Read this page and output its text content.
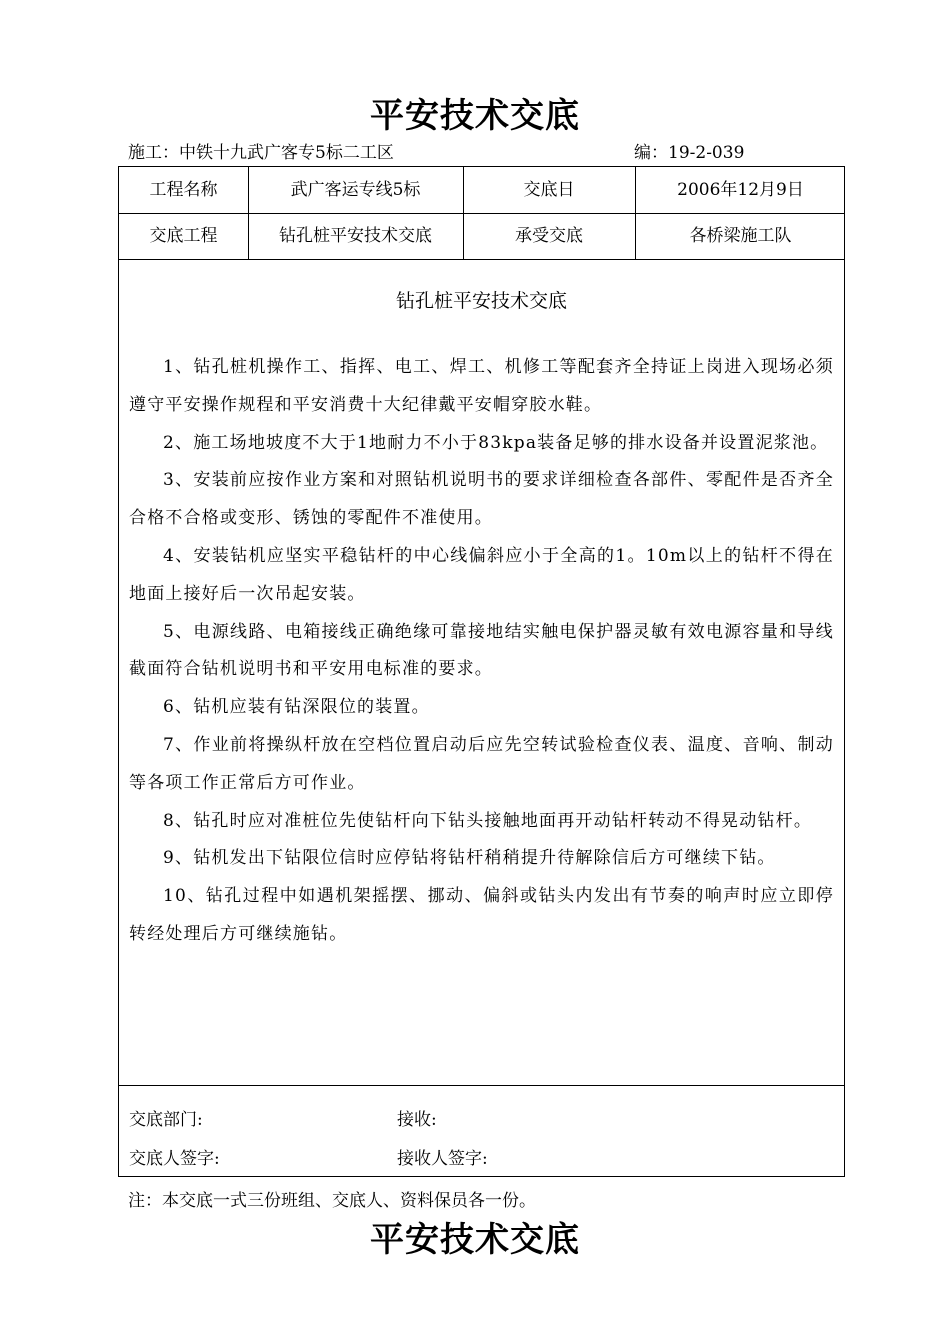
平安技术交底
施工：中铁十九武广客专5标二工区	编：19-2-039
工程名称	武广客运专线5标	交底日	2006年12月9日
交底工程	钻孔桩平安技术交底	承受交底	各桥梁施工队
钻孔桩平安技术交底

1、钻孔桩机操作工、指挥、电工、焊工、机修工等配套齐全持证上岗进入现场必须遵守平安操作规程和平安消费十大纪律戴平安帽穿胶水鞋。

2、施工场地坡度不大于1地耐力不小于83kpa装备足够的排水设备并设置泥浆池。

3、安装前应按作业方案和对照钻机说明书的要求详细检查各部件、零配件是否齐全合格不合格或变形、锈蚀的零配件不准使用。

4、安装钻机应坚实平稳钻杆的中心线偏斜应小于全高的1。10m以上的钻杆不得在地面上接好后一次吊起安装。

5、电源线路、电箱接线正确绝缘可靠接地结实触电保护器灵敏有效电源容量和导线截面符合钻机说明书和平安用电标准的要求。

6、钻机应装有钻深限位的装置。

7、作业前将操纵杆放在空档位置启动后应先空转试验检查仪表、温度、音响、制动等各项工作正常后方可作业。

8、钻孔时应对准桩位先使钻杆向下钻头接触地面再开动钻杆转动不得晃动钻杆。

9、钻机发出下钻限位信时应停钻将钻杆稍稍提升待解除信后方可继续下钻。

10、钻孔过程中如遇机架摇摆、挪动、偏斜或钻头内发出有节奏的响声时应立即停转经处理后方可继续施钻。

交底部门:	接收:
交底人签字:	接收人签字:
注：本交底一式三份班组、交底人、资料保员各一份。
平安技术交底
